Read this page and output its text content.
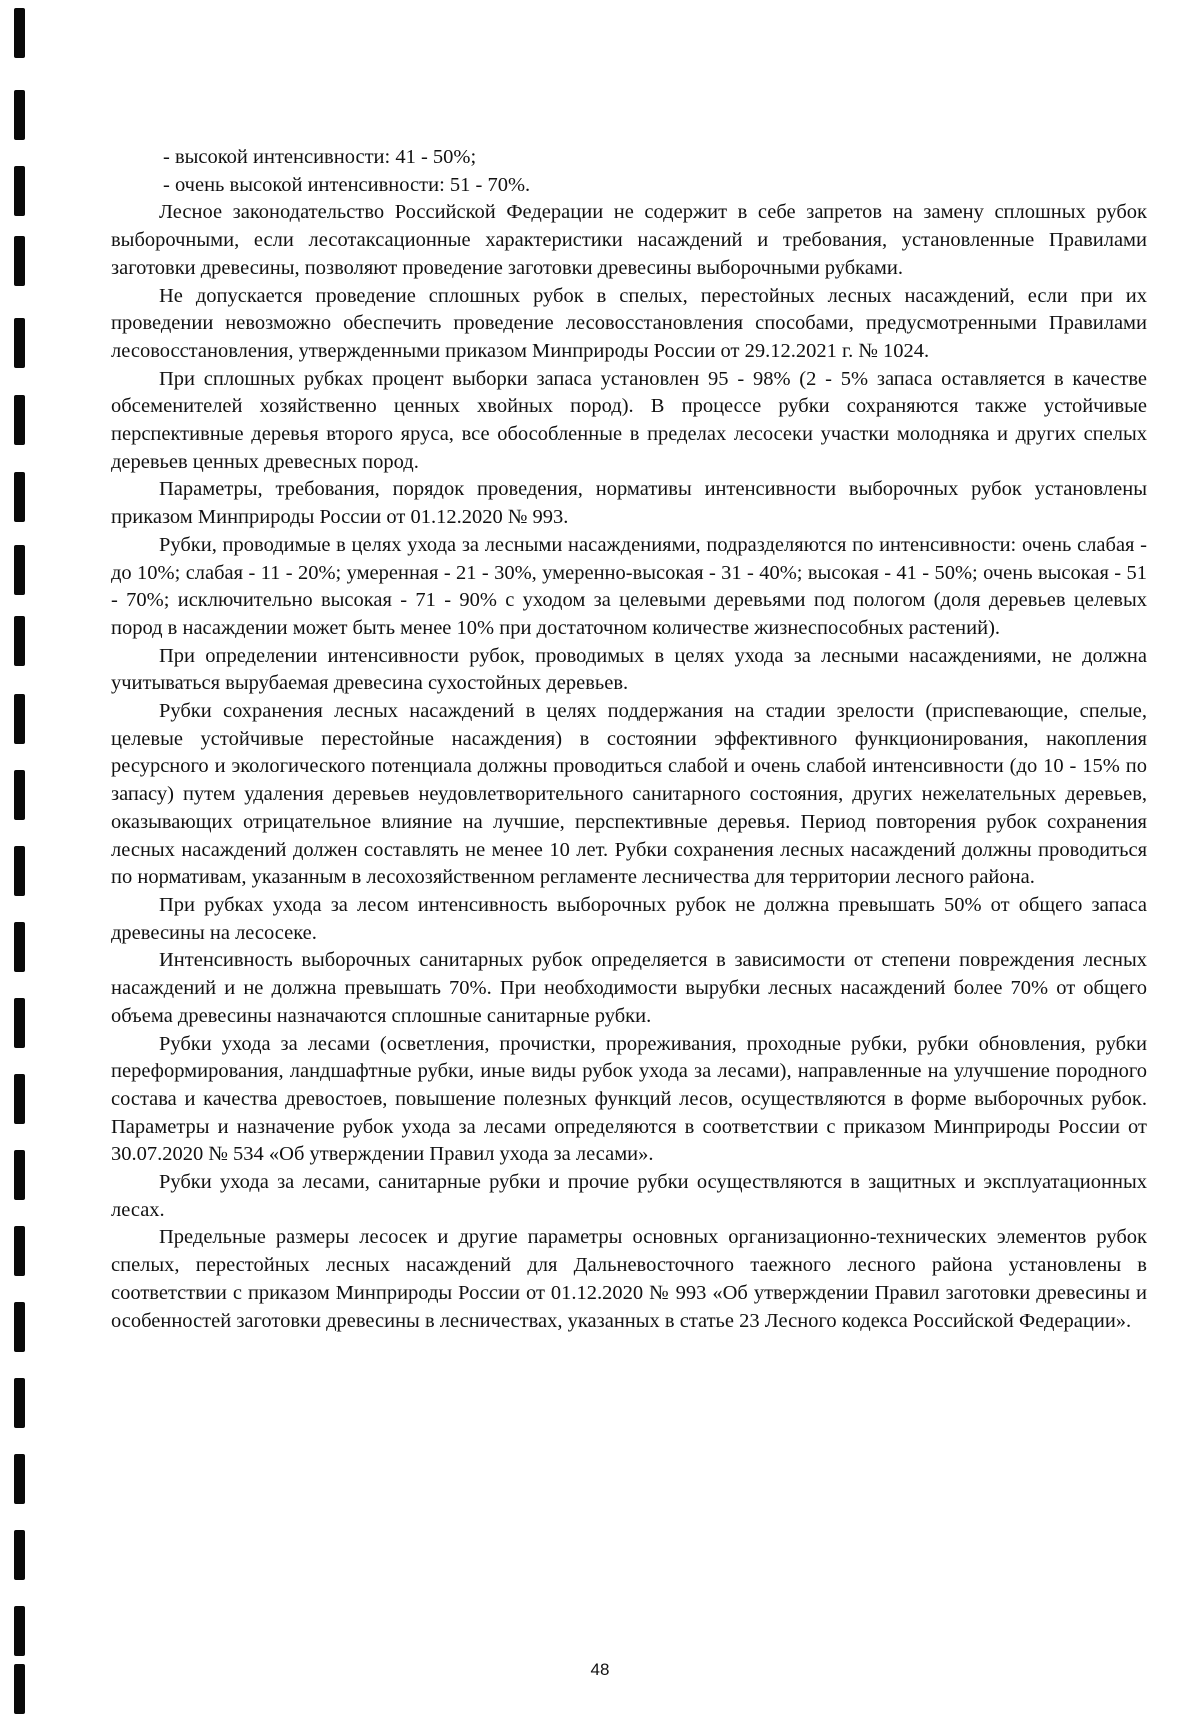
- высокой интенсивности: 41 - 50%;

- очень высокой интенсивности: 51 - 70%.

Лесное законодательство Российской Федерации не содержит в себе запретов на замену сплошных рубок выборочными, если лесотаксационные характеристики насаждений и требования, установленные Правилами заготовки древесины, позволяют проведение заготовки древесины выборочными рубками.

Не допускается проведение сплошных рубок в спелых, перестойных лесных насаждений, если при их проведении невозможно обеспечить проведение лесовосстановления способами, предусмотренными Правилами лесовосстановления, утвержденными приказом Минприроды России от 29.12.2021 г. № 1024.

При сплошных рубках процент выборки запаса установлен 95 - 98% (2 - 5% запаса оставляется в качестве обсеменителей хозяйственно ценных хвойных пород). В процессе рубки сохраняются также устойчивые перспективные деревья второго яруса, все обособленные в пределах лесосеки участки молодняка и других спелых деревьев ценных древесных пород.

Параметры, требования, порядок проведения, нормативы интенсивности выборочных рубок установлены приказом Минприроды России от 01.12.2020 № 993.

Рубки, проводимые в целях ухода за лесными насаждениями, подразделяются по интенсивности: очень слабая - до 10%; слабая - 11 - 20%; умеренная - 21 - 30%, умеренно-высокая - 31 - 40%; высокая - 41 - 50%; очень высокая - 51 - 70%; исключительно высокая - 71 - 90% с уходом за целевыми деревьями под пологом (доля деревьев целевых пород в насаждении может быть менее 10% при достаточном количестве жизнеспособных растений).

При определении интенсивности рубок, проводимых в целях ухода за лесными насаждениями, не должна учитываться вырубаемая древесина сухостойных деревьев.

Рубки сохранения лесных насаждений в целях поддержания на стадии зрелости (приспевающие, спелые, целевые устойчивые перестойные насаждения) в состоянии эффективного функционирования, накопления ресурсного и экологического потенциала должны проводиться слабой и очень слабой интенсивности (до 10 - 15% по запасу) путем удаления деревьев неудовлетворительного санитарного состояния, других нежелательных деревьев, оказывающих отрицательное влияние на лучшие, перспективные деревья. Период повторения рубок сохранения лесных насаждений должен составлять не менее 10 лет. Рубки сохранения лесных насаждений должны проводиться по нормативам, указанным в лесохозяйственном регламенте лесничества для территории лесного района.

При рубках ухода за лесом интенсивность выборочных рубок не должна превышать 50% от общего запаса древесины на лесосеке.

Интенсивность выборочных санитарных рубок определяется в зависимости от степени повреждения лесных насаждений и не должна превышать 70%. При необходимости вырубки лесных насаждений более 70% от общего объема древесины назначаются сплошные санитарные рубки.

Рубки ухода за лесами (осветления, прочистки, прореживания, проходные рубки, рубки обновления, рубки переформирования, ландшафтные рубки, иные виды рубок ухода за лесами), направленные на улучшение породного состава и качества древостоев, повышение полезных функций лесов, осуществляются в форме выборочных рубок. Параметры и назначение рубок ухода за лесами определяются в соответствии с приказом Минприроды России от 30.07.2020 № 534 «Об утверждении Правил ухода за лесами».

Рубки ухода за лесами, санитарные рубки и прочие рубки осуществляются в защитных и эксплуатационных лесах.

Предельные размеры лесосек и другие параметры основных организационно-технических элементов рубок спелых, перестойных лесных насаждений для Дальневосточного таежного лесного района установлены в соответствии с приказом Минприроды России от 01.12.2020 № 993 «Об утверждении Правил заготовки древесины и особенностей заготовки древесины в лесничествах, указанных в статье 23 Лесного кодекса Российской Федерации».

48
